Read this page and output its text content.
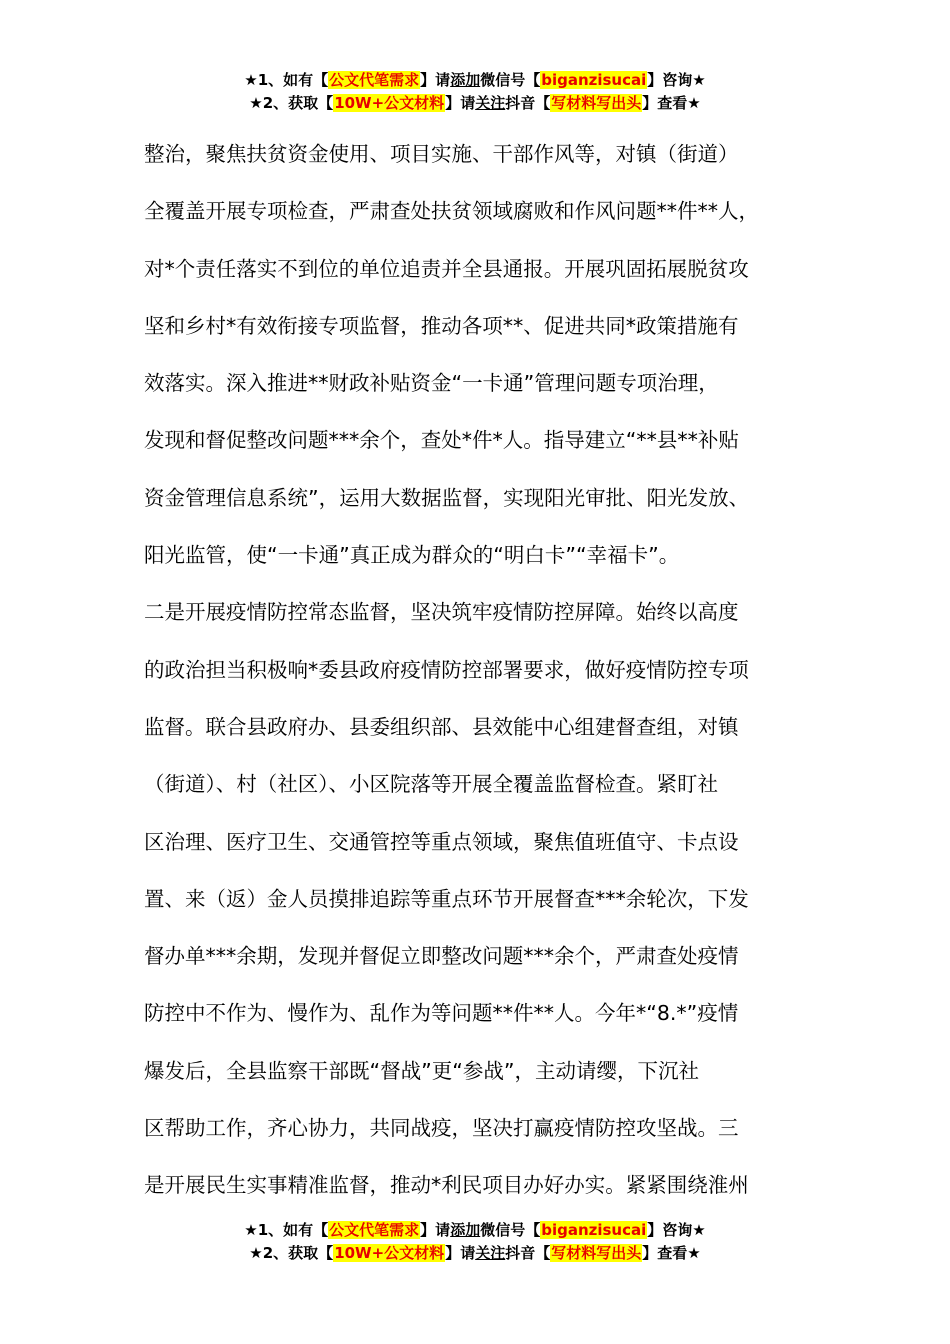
★1、如有【公文代笔需求】请添加微信号【biganzisucai】咨询★
★2、获取【10W+公文材料】请关注抖音【写材料写出头】查看★
整治，聚焦扶贫资金使用、项目实施、干部作风等，对镇（街道）
全覆盖开展专项检查，严肃查处扶贫领域腐败和作风问题**件**人，
对*个责任落实不到位的单位追责并全县通报。开展巩固拓展脱贫攻
坚和乡村*有效衔接专项监督，推动各项**、促进共同*政策措施有
效落实。深入推进**财政补贴资金“一卡通”管理问题专项治理，
发现和督促整改问题***余个，查处*件*人。指导建立“**县**补贴
资金管理信息系统”，运用大数据监督，实现阳光审批、阳光发放、
阳光监管，使“一卡通”真正成为群众的“明白卡”“幸福卡”。
二是开展疫情防控常态监督，坚决筑牢疫情防控屏障。始终以高度
的政治担当积极响*委县政府疫情防控部署要求，做好疫情防控专项
监督。联合县政府办、县委组织部、县效能中心组建督查组，对镇
（街道）、村（社区）、小区院落等开展全覆盖监督检查。紧盯社
区治理、医疗卫生、交通管控等重点领域，聚焦值班值守、卡点设
置、来（返）金人员摸排追踪等重点环节开展督查***余轮次，下发
督办单***余期，发现并督促立即整改问题***余个，严肃查处疫情
防控中不作为、慢作为、乱作为等问题**件**人。今年*“8.*”疫情
爆发后，全县监察干部既“督战”更“参战”，主动请缨，下沉社
区帮助工作，齐心协力，共同战疫，坚决打赢疫情防控攻坚战。三
是开展民生实事精准监督，推动*利民项目办好办实。紧紧围绕淮州
★1、如有【公文代笔需求】请添加微信号【biganzisucai】咨询★
★2、获取【10W+公文材料】请关注抖音【写材料写出头】查看★
